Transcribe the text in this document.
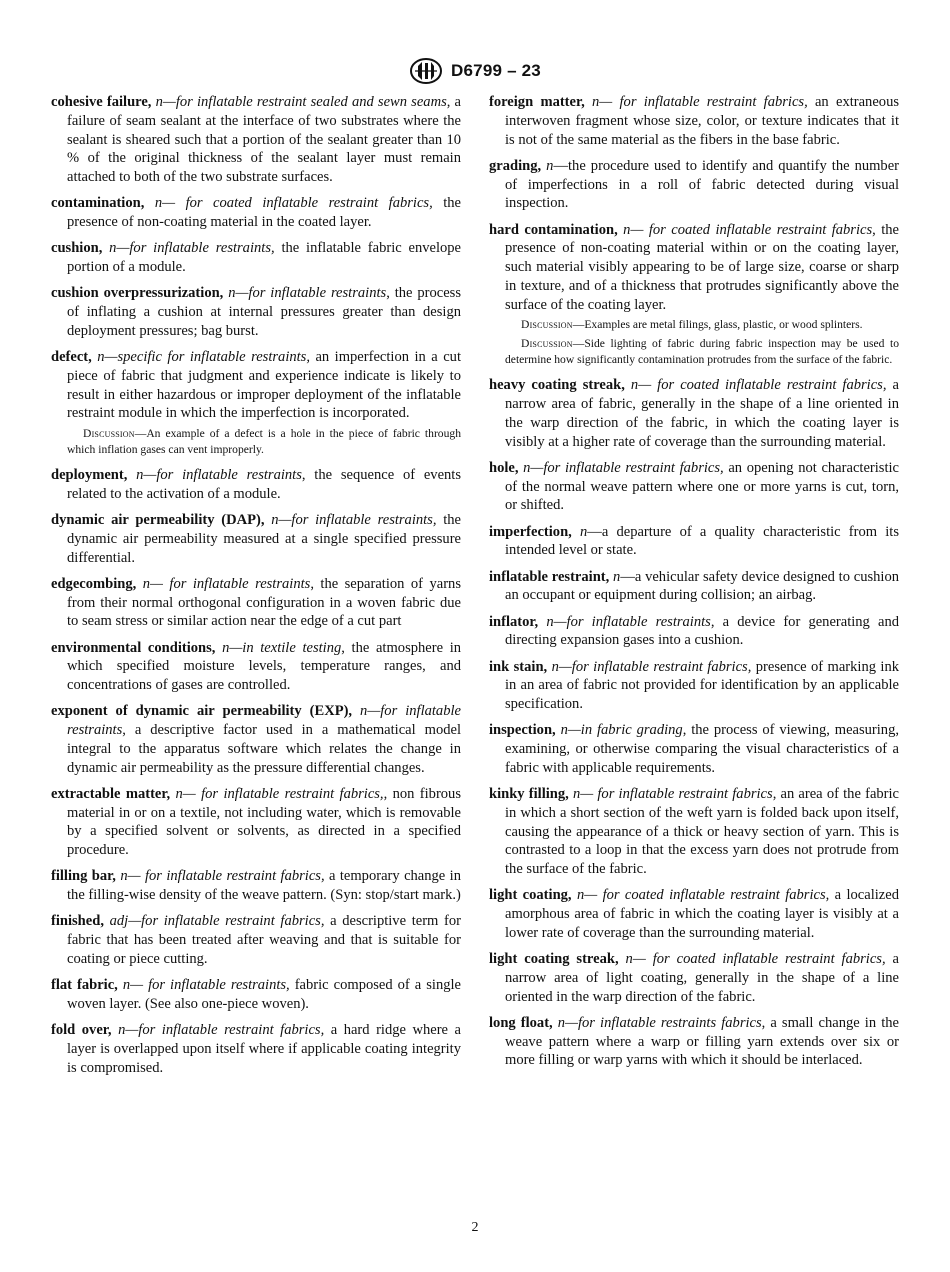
D6799 – 23

cohesive failure, n—for inflatable restraint sealed and sewn seams, a failure of seam sealant at the interface of two substrates where the sealant is sheared such that a portion of the sealant greater than 10 % of the original thickness of the sealant layer must remain attached to both of the two substrate surfaces.

contamination, n— for coated inflatable restraint fabrics, the presence of non-coating material in the coated layer.

cushion, n—for inflatable restraints, the inflatable fabric envelope portion of a module.

cushion overpressurization, n—for inflatable restraints, the process of inflating a cushion at internal pressures greater than design deployment pressures; bag burst.

defect, n—specific for inflatable restraints, an imperfection in a cut piece of fabric that judgment and experience indicate is likely to result in either hazardous or improper deployment of the inflatable restraint module in which the imperfection is incorporated.

Discussion—An example of a defect is a hole in the piece of fabric through which inflation gases can vent improperly.

deployment, n—for inflatable restraints, the sequence of events related to the activation of a module.

dynamic air permeability (DAP), n—for inflatable restraints, the dynamic air permeability measured at a single specified pressure differential.

edgecombing, n— for inflatable restraints, the separation of yarns from their normal orthogonal configuration in a woven fabric due to seam stress or similar action near the edge of a cut part

environmental conditions, n—in textile testing, the atmosphere in which specified moisture levels, temperature ranges, and concentrations of gases are controlled.

exponent of dynamic air permeability (EXP), n—for inflatable restraints, a descriptive factor used in a mathematical model integral to the apparatus software which relates the change in dynamic air permeability as the pressure differential changes.

extractable matter, n— for inflatable restraint fabrics,, non fibrous material in or on a textile, not including water, which is removable by a specified solvent or solvents, as directed in a specified procedure.

filling bar, n— for inflatable restraint fabrics, a temporary change in the filling-wise density of the weave pattern. (Syn: stop/start mark.)

finished, adj—for inflatable restraint fabrics, a descriptive term for fabric that has been treated after weaving and that is suitable for coating or piece cutting.

flat fabric, n— for inflatable restraints, fabric composed of a single woven layer. (See also one-piece woven).

fold over, n—for inflatable restraint fabrics, a hard ridge where a layer is overlapped upon itself where if applicable coating integrity is compromised.

foreign matter, n— for inflatable restraint fabrics, an extraneous interwoven fragment whose size, color, or texture indicates that it is not of the same material as the fibers in the base fabric.

grading, n—the procedure used to identify and quantify the number of imperfections in a roll of fabric detected during visual inspection.

hard contamination, n— for coated inflatable restraint fabrics, the presence of non-coating material within or on the coating layer, such material visibly appearing to be of large size, coarse or sharp in texture, and of a thickness that protrudes significantly above the surface of the coating layer.

Discussion—Examples are metal filings, glass, plastic, or wood splinters.

Discussion—Side lighting of fabric during fabric inspection may be used to determine how significantly contamination protrudes from the surface of the fabric.

heavy coating streak, n— for coated inflatable restraint fabrics, a narrow area of fabric, generally in the shape of a line oriented in the warp direction of the fabric, in which the coating layer is visibly at a higher rate of coverage than the surrounding material.

hole, n—for inflatable restraint fabrics, an opening not characteristic of the normal weave pattern where one or more yarns is cut, torn, or shifted.

imperfection, n—a departure of a quality characteristic from its intended level or state.

inflatable restraint, n—a vehicular safety device designed to cushion an occupant or equipment during collision; an airbag.

inflator, n—for inflatable restraints, a device for generating and directing expansion gases into a cushion.

ink stain, n—for inflatable restraint fabrics, presence of marking ink in an area of fabric not provided for identification by an applicable specification.

inspection, n—in fabric grading, the process of viewing, measuring, examining, or otherwise comparing the visual characteristics of a fabric with applicable requirements.

kinky filling, n— for inflatable restraint fabrics, an area of the fabric in which a short section of the weft yarn is folded back upon itself, causing the appearance of a thick or heavy section of yarn. This is contrasted to a loop in that the excess yarn does not protrude from the surface of the fabric.

light coating, n— for coated inflatable restraint fabrics, a localized amorphous area of fabric in which the coating layer is visibly at a lower rate of coverage than the surrounding material.

light coating streak, n— for coated inflatable restraint fabrics, a narrow area of light coating, generally in the shape of a line oriented in the warp direction of the fabric.

long float, n—for inflatable restraints fabrics, a small change in the weave pattern where a warp or filling yarn extends over six or more filling or warp yarns with which it should be interlaced.

2
